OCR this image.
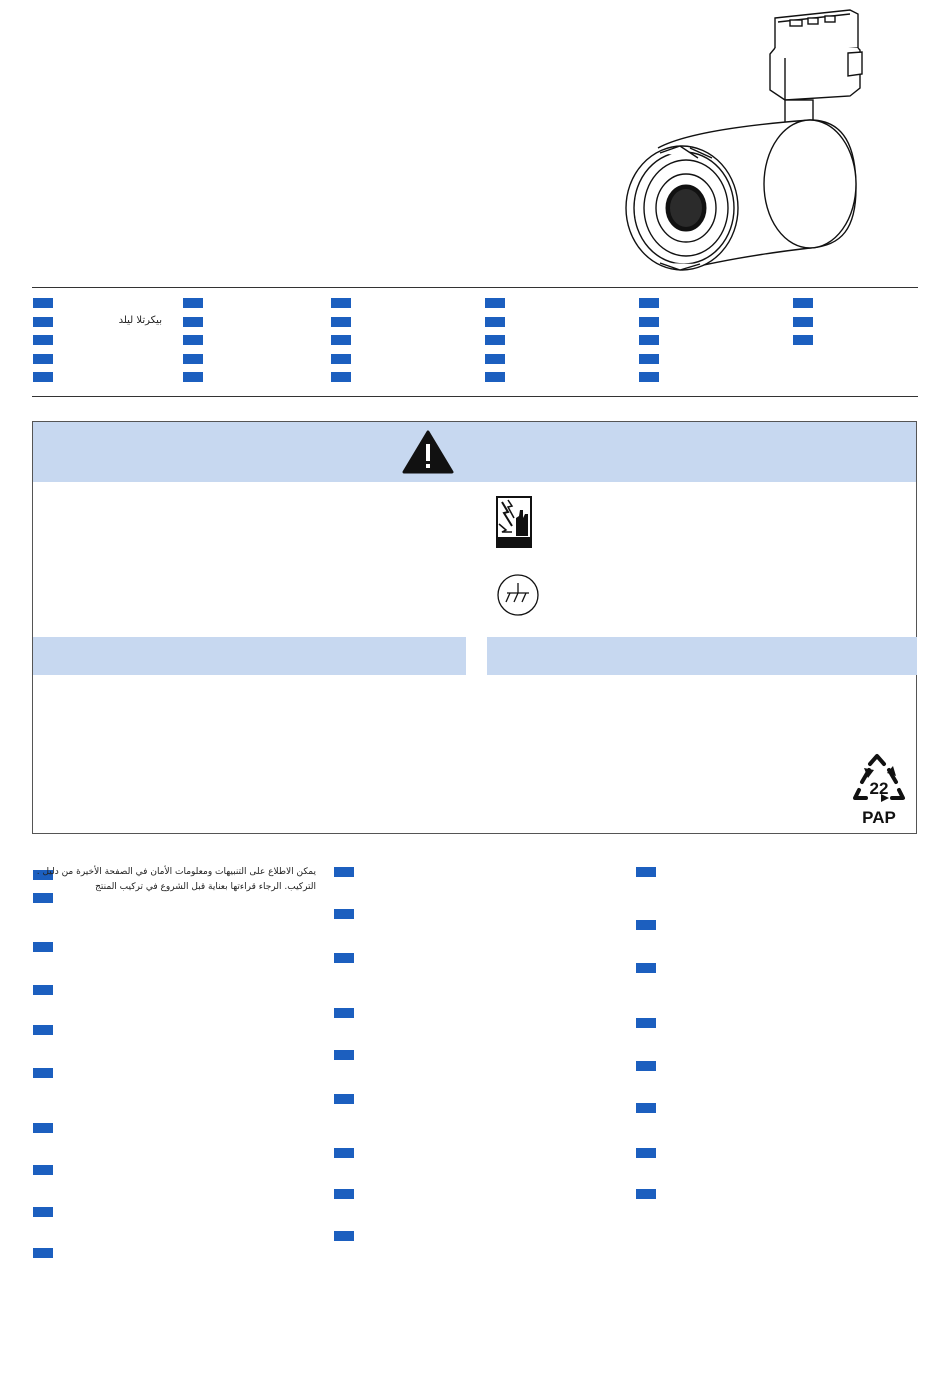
بيكرتلا ليلد
22
PAP
يمكن الاطلاع على التنبيهات ومعلومات الأمان في الصفحة الأخيرة من دليل .
التركيب. الرجاء قراءتها بعناية قبل الشروع في تركيب المنتج
